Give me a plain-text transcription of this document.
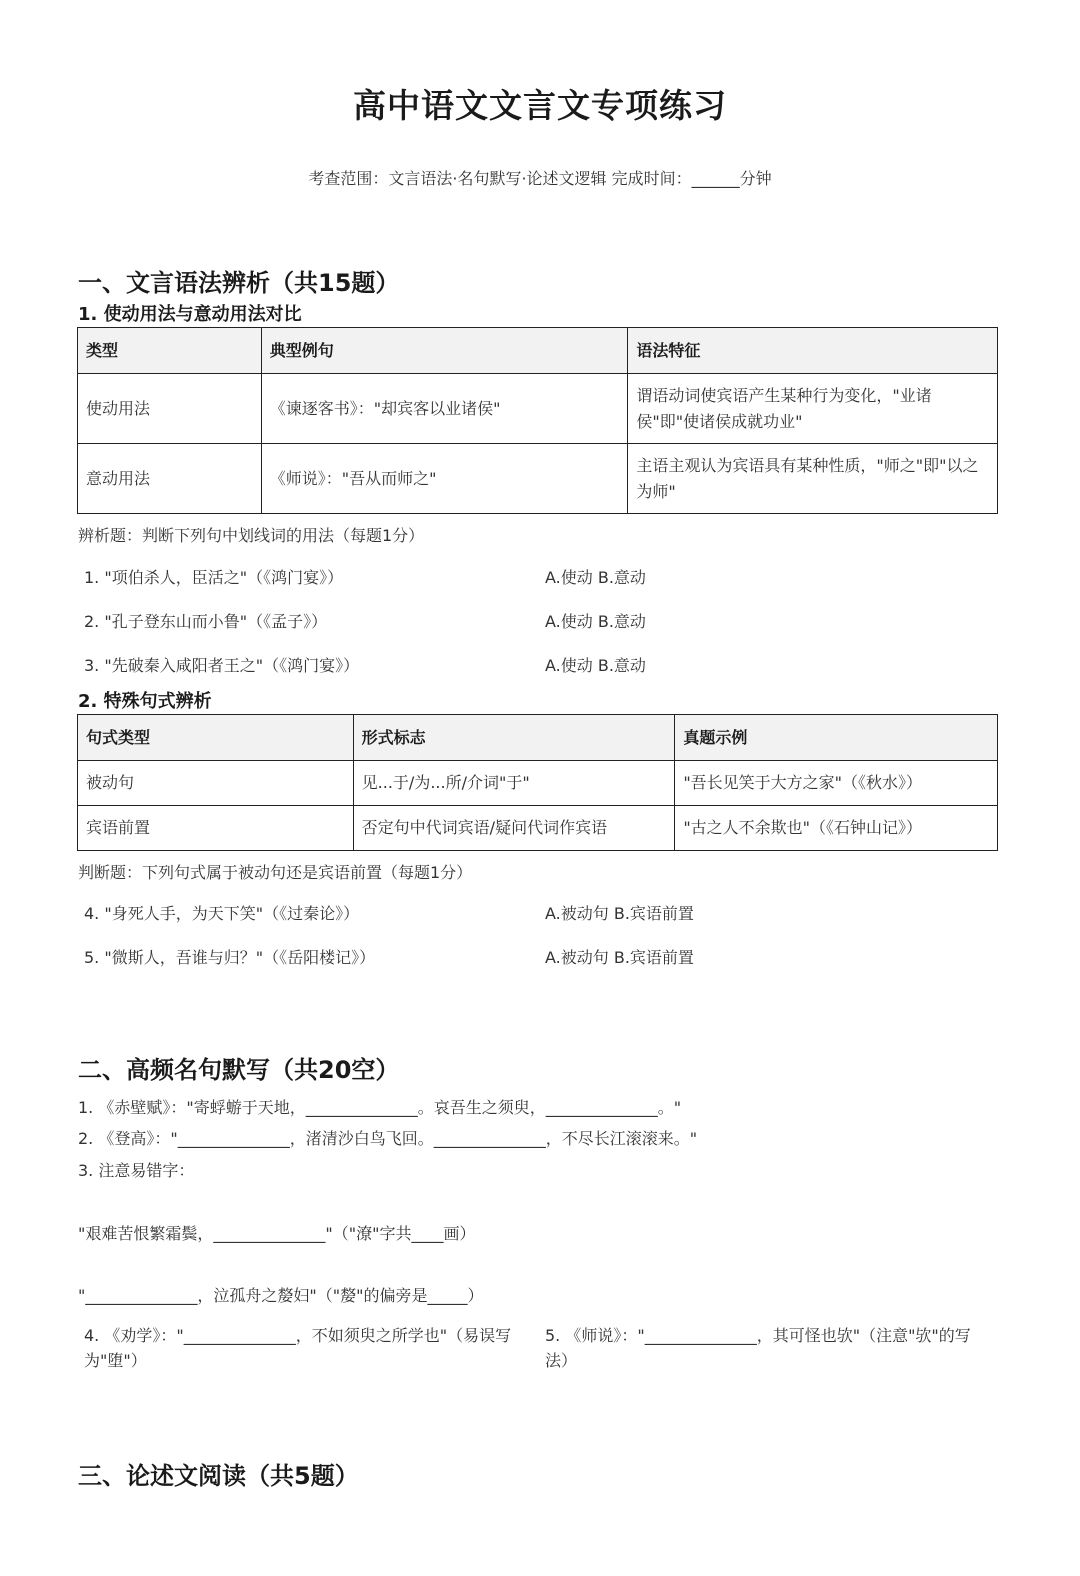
高中语文文言文专项练习
考查范围：文言语法·名句默写·论述文逻辑 完成时间：______分钟
一、文言语法辨析（共15题）
1. 使动用法与意动用法对比
类型	典型例句	语法特征
使动用法	《谏逐客书》："却宾客以业诸侯"	谓语动词使宾语产生某种行为变化，"业诸侯"即"使诸侯成就功业"
意动用法	《师说》："吾从而师之"	主语主观认为宾语具有某种性质，"师之"即"以之为师"
辨析题：判断下列句中划线词的用法（每题1分）
1. "项伯杀人，臣活之"（《鸿门宴》）	A.使动 B.意动
2. "孔子登东山而小鲁"（《孟子》）	A.使动 B.意动
3. "先破秦入咸阳者王之"（《鸿门宴》）	A.使动 B.意动
2. 特殊句式辨析
句式类型	形式标志	真题示例
被动句	见...于/为...所/介词"于"	"吾长见笑于大方之家"（《秋水》）
宾语前置	否定句中代词宾语/疑问代词作宾语	"古之人不余欺也"（《石钟山记》）
判断题：下列句式属于被动句还是宾语前置（每题1分）
4. "身死人手，为天下笑"（《过秦论》）	A.被动句 B.宾语前置
5. "微斯人，吾谁与归？"（《岳阳楼记》）	A.被动句 B.宾语前置
二、高频名句默写（共20空）
1. 《赤壁赋》："寄蜉蝣于天地，______________。哀吾生之须臾，______________。"
2. 《登高》："______________，渚清沙白鸟飞回。______________，不尽长江滚滚来。"
3. 注意易错字：
"艰难苦恨繁霜鬓，______________"（"潦"字共____画）
"______________，泣孤舟之嫠妇"（"嫠"的偏旁是_____）
4. 《劝学》："______________，不如须臾之所学也"（易误写为"堕"）
5. 《师说》："______________，其可怪也欤"（注意"欤"的写法）
三、论述文阅读（共5题）
